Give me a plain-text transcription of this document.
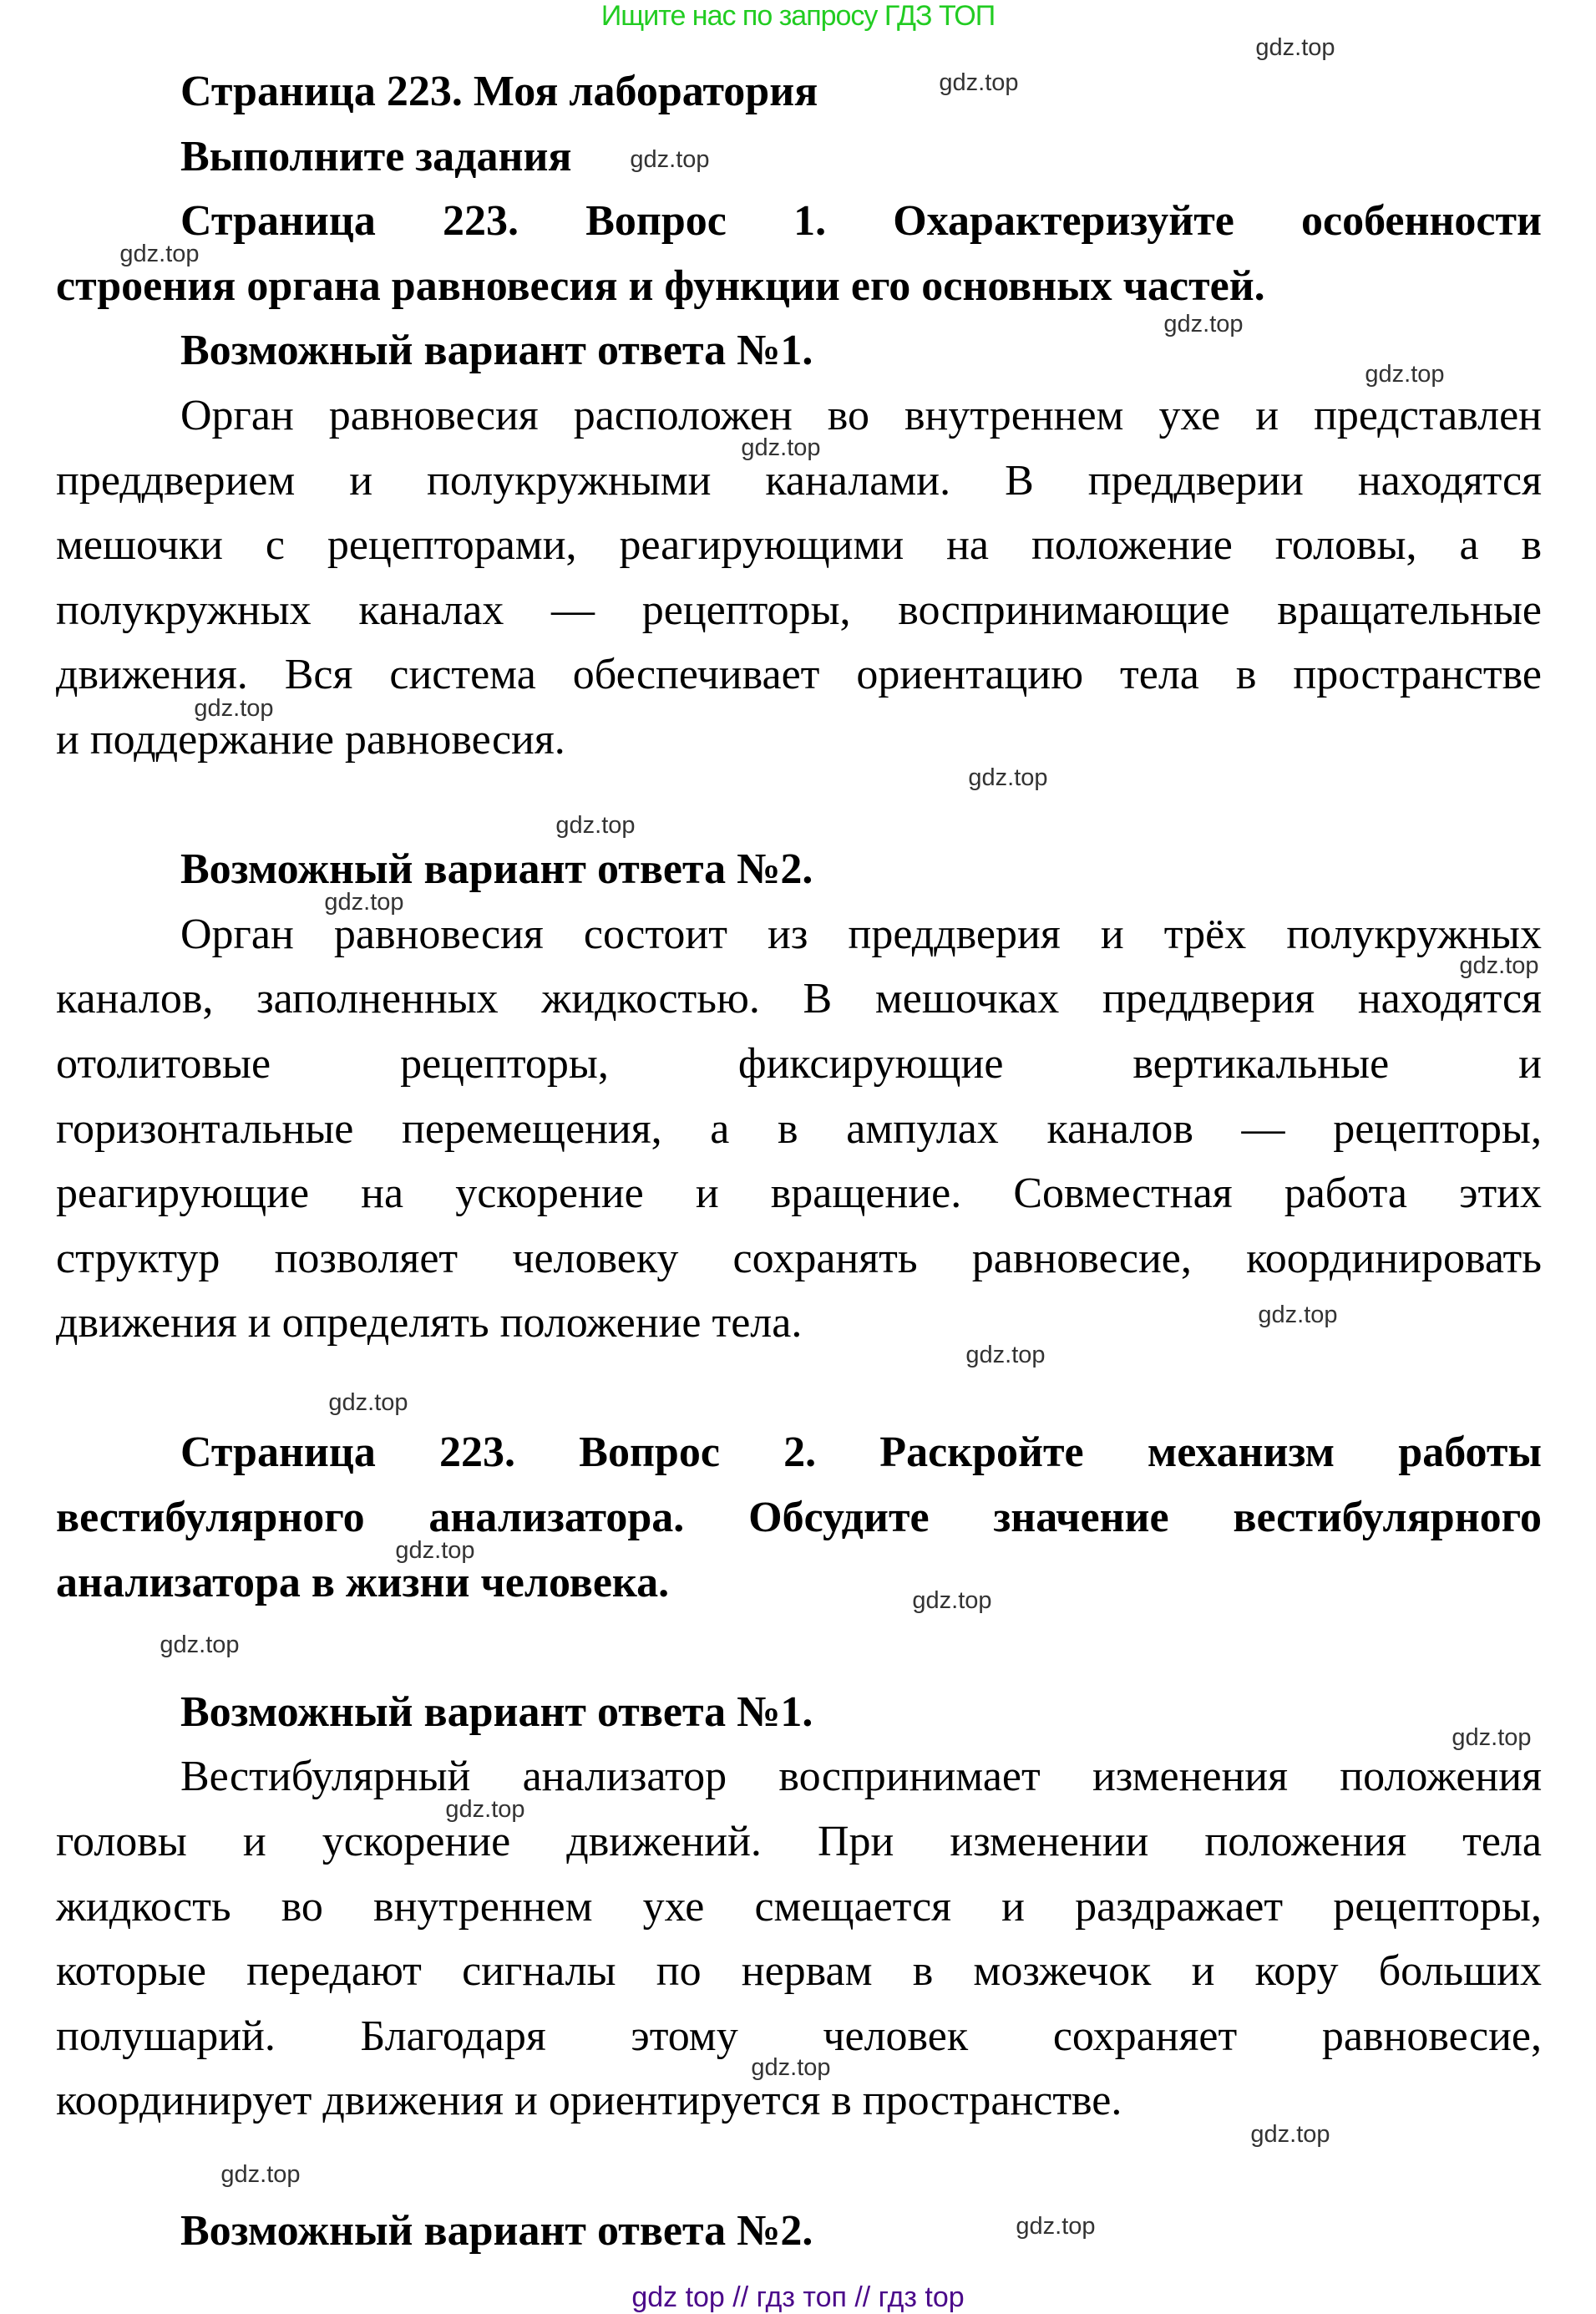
Ищите нас по запросу ГДЗ ТОП
Страница 223. Моя лаборатория
Выполните задания
Страница 223. Вопрос 1. Охарактеризуйте особенности
строения органа равновесия и функции его основных частей.
Возможный вариант ответа №1.
Орган равновесия расположен во внутреннем ухе и представлен
преддверием и полукружными каналами. В преддверии находятся
мешочки с рецепторами, реагирующими на положение головы, а в
полукружных каналах — рецепторы, воспринимающие вращательные
движения. Вся система обеспечивает ориентацию тела в пространстве
и поддержание равновесия.
Возможный вариант ответа №2.
Орган равновесия состоит из преддверия и трёх полукружных
каналов, заполненных жидкостью. В мешочках преддверия находятся
отолитовые рецепторы, фиксирующие вертикальные и
горизонтальные перемещения, а в ампулах каналов — рецепторы,
реагирующие на ускорение и вращение. Совместная работа этих
структур позволяет человеку сохранять равновесие, координировать
движения и определять положение тела.
Страница 223. Вопрос 2. Раскройте механизм работы
вестибулярного анализатора. Обсудите значение вестибулярного
анализатора в жизни человека.
Возможный вариант ответа №1.
Вестибулярный анализатор воспринимает изменения положения
головы и ускорение движений. При изменении положения тела
жидкость во внутреннем ухе смещается и раздражает рецепторы,
которые передают сигналы по нервам в мозжечок и кору больших
полушарий. Благодаря этому человек сохраняет равновесие,
координирует движения и ориентируется в пространстве.
Возможный вариант ответа №2.
gdz.top
gdz.top
gdz.top
gdz.top
gdz.top
gdz.top
gdz.top
gdz.top
gdz.top
gdz.top
gdz.top
gdz.top
gdz.top
gdz.top
gdz.top
gdz.top
gdz.top
gdz.top
gdz.top
gdz.top
gdz.top
gdz.top
gdz.top
gdz.top
gdz top // гдз топ // гдз top
